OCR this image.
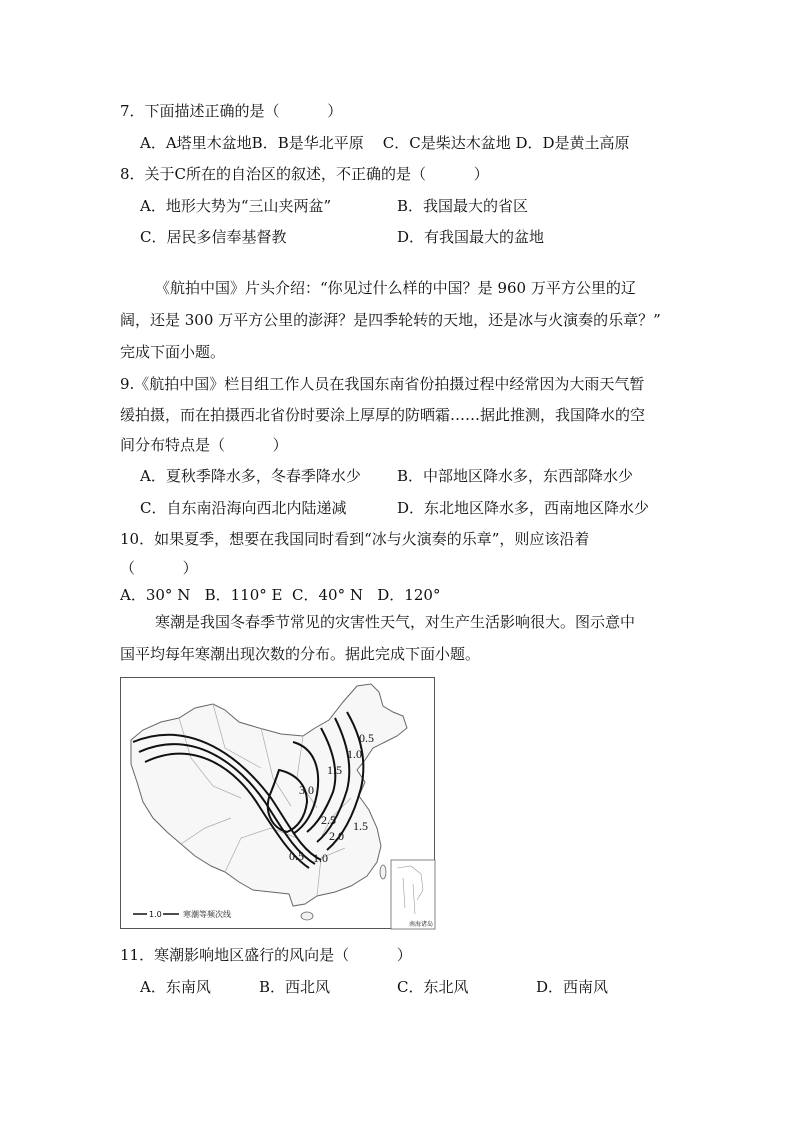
7．下面描述正确的是（          ）
A．A塔里木盆地B．B是华北平原    C．C是柴达木盆地 D．D是黄土高原
8．关于C所在的自治区的叙述，不正确的是（          ）
A．地形大势为“三山夹两盆”	B．我国最大的省区
C．居民多信奉基督教	D．有我国最大的盆地
《航拍中国》片头介绍：“你见过什么样的中国？是 960 万平方公里的辽
阔，还是 300 万平方公里的澎湃？是四季轮转的天地，还是冰与火演奏的乐章？”
完成下面小题。
9.《航拍中国》栏目组工作人员在我国东南省份拍摄过程中经常因为大雨天气暂
缓拍摄，而在拍摄西北省份时要涂上厚厚的防晒霜……据此推测，我国降水的空
间分布特点是（          ）
A．夏秋季降水多，冬春季降水少 B．中部地区降水多，东西部降水少
C．自东南沿海向西北内陆递减	D．东北地区降水多，西南地区降水少
10．如果夏季，想要在我国同时看到“冰与火演奏的乐章”，则应该沿着
（          ）
A．30° N   B．110° E  C．40° N   D．120°
寒潮是我国冬春季节常见的灾害性天气，对生产生活影响很大。图示意中
国平均每年寒潮出现次数的分布。据此完成下面小题。
0.5
1.0
1.5
3.0
2.5
2.0
1.5
0.5 1.0
1.0	寒潮等频次线
南海诸岛
11．寒潮影响地区盛行的风向是（          ）
A．东南风	B．西北风	C．东北风	D．西南风
